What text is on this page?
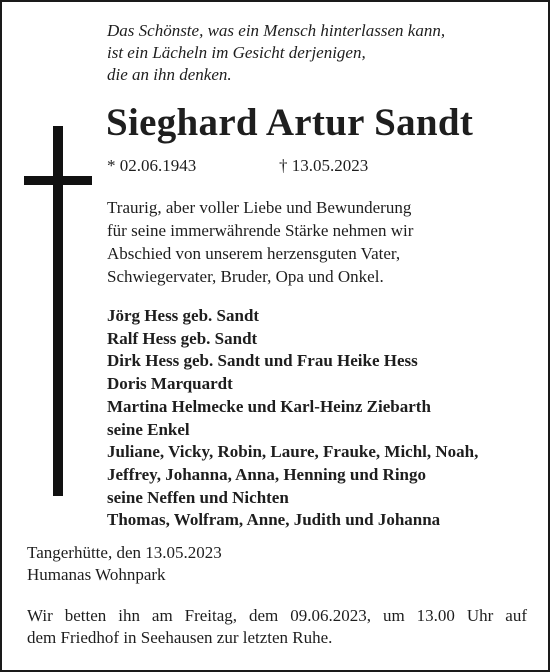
Das Schönste, was ein Mensch hinterlassen kann,
ist ein Lächeln im Gesicht derjenigen,
die an ihn denken.
Sieghard Artur Sandt
* 02.06.1943	† 13.05.2023
Traurig, aber voller Liebe und Bewunderung
für seine immerwährende Stärke nehmen wir
Abschied von unserem herzensguten Vater,
Schwiegervater, Bruder, Opa und Onkel.
Jörg Hess geb. Sandt
Ralf Hess geb. Sandt
Dirk Hess geb. Sandt und Frau Heike Hess
Doris Marquardt
Martina Helmecke und Karl-Heinz Ziebarth
seine Enkel
Juliane, Vicky, Robin, Laure, Frauke, Michl, Noah,
Jeffrey, Johanna, Anna, Henning und Ringo
seine Neffen und Nichten
Thomas, Wolfram, Anne, Judith und Johanna
Tangerhütte, den 13.05.2023
Humanas Wohnpark
Wir betten ihn am Freitag, dem 09.06.2023, um 13.00 Uhr auf
dem Friedhof in Seehausen zur letzten Ruhe.
